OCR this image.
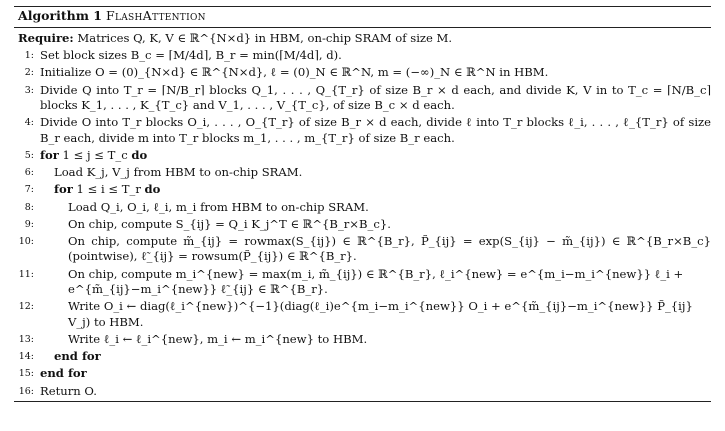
Algorithm 1 FlashAttention
Require: Matrices Q, K, V ∈ ℝ^{N×d} in HBM, on-chip SRAM of size M.
1: Set block sizes B_c = ⌈M/4d⌉, B_r = min(⌈M/4d⌉, d).
2: Initialize O = (0)_{N×d} ∈ ℝ^{N×d}, ℓ = (0)_N ∈ ℝ^N, m = (−∞)_N ∈ ℝ^N in HBM.
3: Divide Q into T_r = ⌈N/B_r⌉ blocks Q_1, . . . , Q_{T_r} of size B_r × d each, and divide K, V in to T_c = ⌈N/B_c⌉ blocks K_1, . . . , K_{T_c} and V_1, . . . , V_{T_c}, of size B_c × d each.
4: Divide O into T_r blocks O_i, . . . , O_{T_r} of size B_r × d each, divide ℓ into T_r blocks ℓ_i, . . . , ℓ_{T_r} of size B_r each, divide m into T_r blocks m_1, . . . , m_{T_r} of size B_r each.
5: for 1 ≤ j ≤ T_c do
6:	Load K_j, V_j from HBM to on-chip SRAM.
7:	for 1 ≤ i ≤ T_r do
8:	Load Q_i, O_i, ℓ_i, m_i from HBM to on-chip SRAM.
9:	On chip, compute S_{ij} = Q_i K_j^T ∈ ℝ^{B_r×B_c}.
10:	On chip, compute m̃_{ij} = rowmax(S_{ij}) ∈ ℝ^{B_r}, P̃_{ij} = exp(S_{ij} − m̃_{ij}) ∈ ℝ^{B_r×B_c} (pointwise), ℓ̃_{ij} = rowsum(P̃_{ij}) ∈ ℝ^{B_r}.
11:	On chip, compute m_i^{new} = max(m_i, m̃_{ij}) ∈ ℝ^{B_r}, ℓ_i^{new} = e^{m_i−m_i^{new}} ℓ_i + e^{m̃_{ij}−m_i^{new}} ℓ̃_{ij} ∈ ℝ^{B_r}.
12:	Write O_i ← diag(ℓ_i^{new})^{−1}(diag(ℓ_i)e^{m_i−m_i^{new}} O_i + e^{m̃_{ij}−m_i^{new}} P̃_{ij} V_j) to HBM.
13:	Write ℓ_i ← ℓ_i^{new}, m_i ← m_i^{new} to HBM.
14:	end for
15: end for
16: Return O.
